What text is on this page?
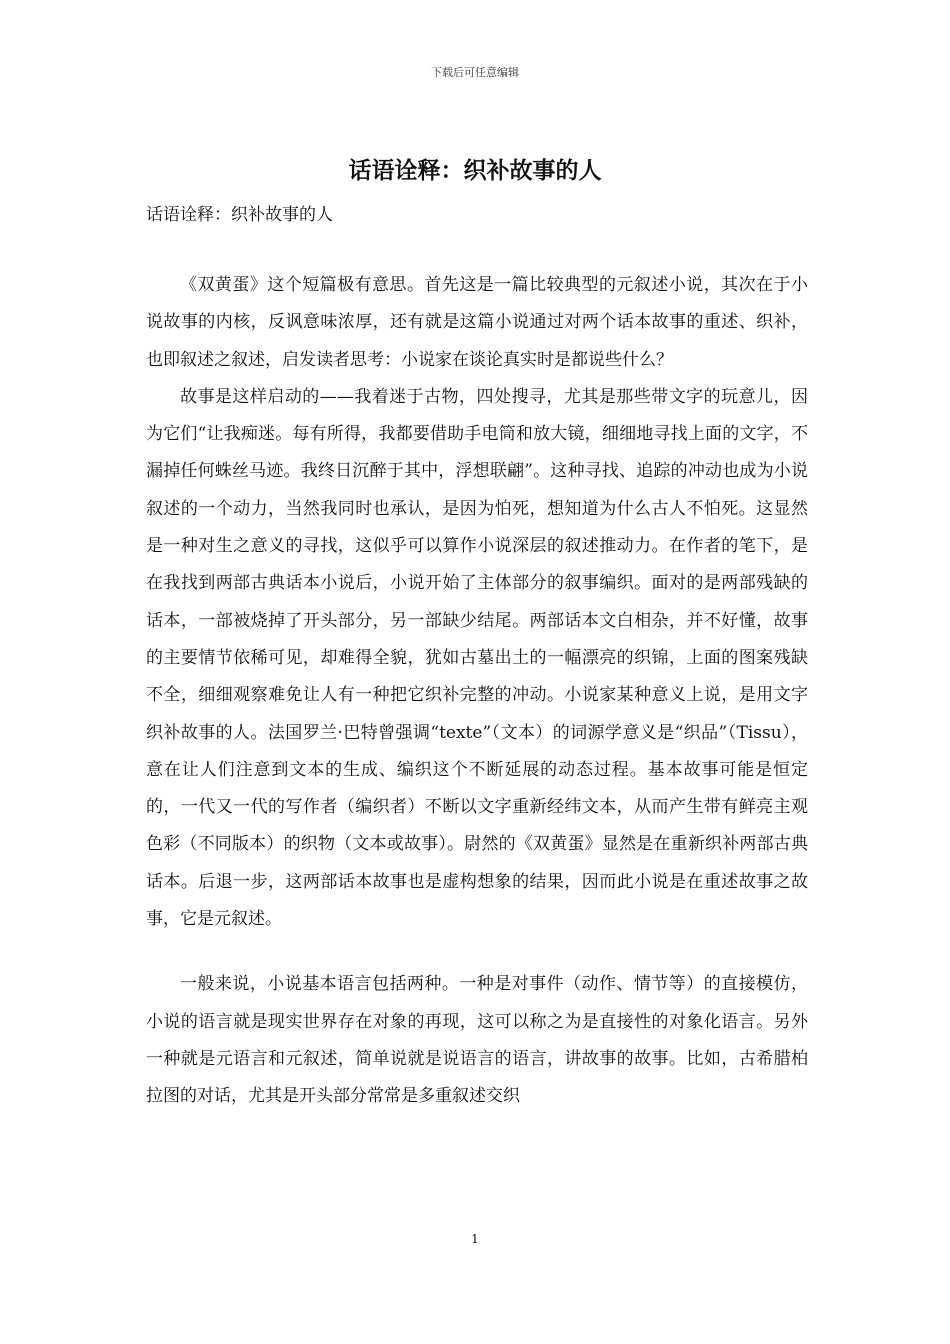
下载后可任意编辑
话语诠释：织补故事的人

话语诠释：织补故事的人

《双黄蛋》这个短篇极有意思。首先这是一篇比较典型的元叙述小说，其次在于小说故事的内核，反讽意味浓厚，还有就是这篇小说通过对两个话本故事的重述、织补，也即叙述之叙述，启发读者思考：小说家在谈论真实时是都说些什么？

故事是这样启动的——我着迷于古物，四处搜寻，尤其是那些带文字的玩意儿，因为它们“让我痴迷。每有所得，我都要借助手电筒和放大镜，细细地寻找上面的文字，不漏掉任何蛛丝马迹。我终日沉醉于其中，浮想联翩”。这种寻找、追踪的冲动也成为小说叙述的一个动力，当然我同时也承认，是因为怕死，想知道为什么古人不怕死。这显然是一种对生之意义的寻找，这似乎可以算作小说深层的叙述推动力。在作者的笔下，是在我找到两部古典话本小说后，小说开始了主体部分的叙事编织。面对的是两部残缺的话本，一部被烧掉了开头部分，另一部缺少结尾。两部话本文白相杂，并不好懂，故事的主要情节依稀可见，却难得全貌，犹如古墓出土的一幅漂亮的织锦，上面的图案残缺不全，细细观察难免让人有一种把它织补完整的冲动。小说家某种意义上说，是用文字织补故事的人。法国罗兰·巴特曾强调“texte”（文本）的词源学意义是“织品”（Tissu），意在让人们注意到文本的生成、编织这个不断延展的动态过程。基本故事可能是恒定的，一代又一代的写作者（编织者）不断以文字重新经纬文本，从而产生带有鲜亮主观色彩（不同版本）的织物（文本或故事）。尉然的《双黄蛋》显然是在重新织补两部古典话本。后退一步，这两部话本故事也是虚构想象的结果，因而此小说是在重述故事之故事，它是元叙述。

一般来说，小说基本语言包括两种。一种是对事件（动作、情节等）的直接模仿，小说的语言就是现实世界存在对象的再现，这可以称之为是直接性的对象化语言。另外一种就是元语言和元叙述，简单说就是说语言的语言，讲故事的故事。比如，古希腊柏拉图的对话，尤其是开头部分常常是多重叙述交织

1
